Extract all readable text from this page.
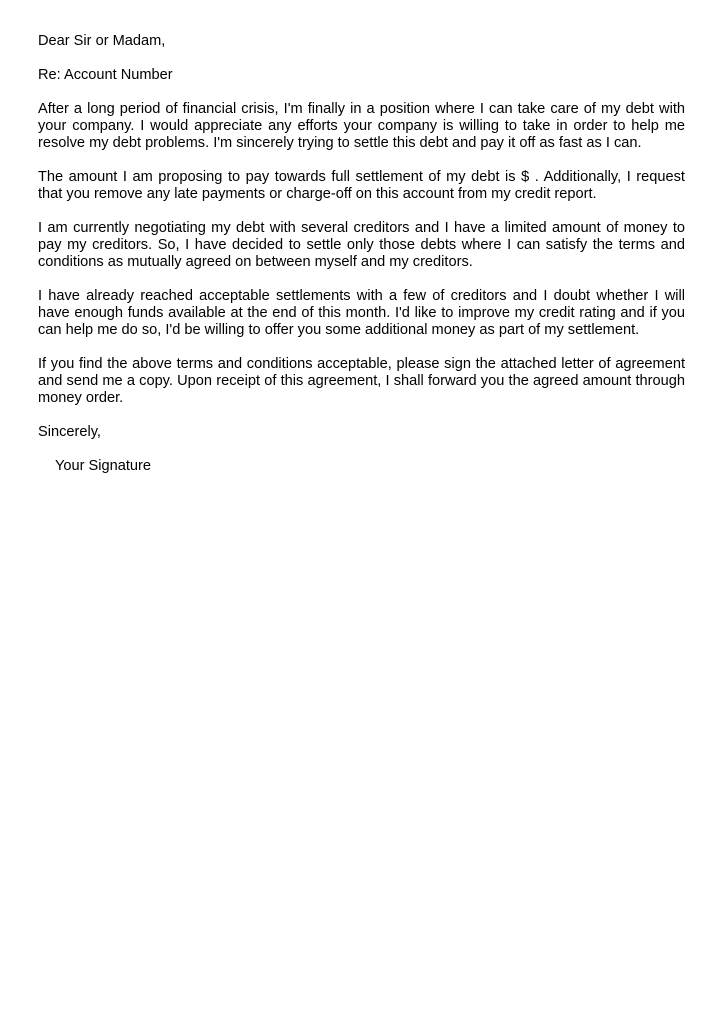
Dear Sir or Madam,

Re: Account Number

After a long period of financial crisis, I'm finally in a position where I can take care of my debt with your company. I would appreciate any efforts your company is willing to take in order to help me resolve my debt problems. I'm sincerely trying to settle this debt and pay it off as fast as I can.

The amount I am proposing to pay towards full settlement of my debt is $ . Additionally, I request that you remove any late payments or charge-off on this account from my credit report.

I am currently negotiating my debt with several creditors and I have a limited amount of money to pay my creditors. So, I have decided to settle only those debts where I can satisfy the terms and conditions as mutually agreed on between myself and my creditors.

I have already reached acceptable settlements with a few of creditors and I doubt whether I will have enough funds available at the end of this month. I'd like to improve my credit rating and if you can help me do so, I'd be willing to offer you some additional money as part of my settlement.

If you find the above terms and conditions acceptable, please sign the attached letter of agreement and send me a copy. Upon receipt of this agreement, I shall forward you the agreed amount through money order.

Sincerely,

Your Signature
